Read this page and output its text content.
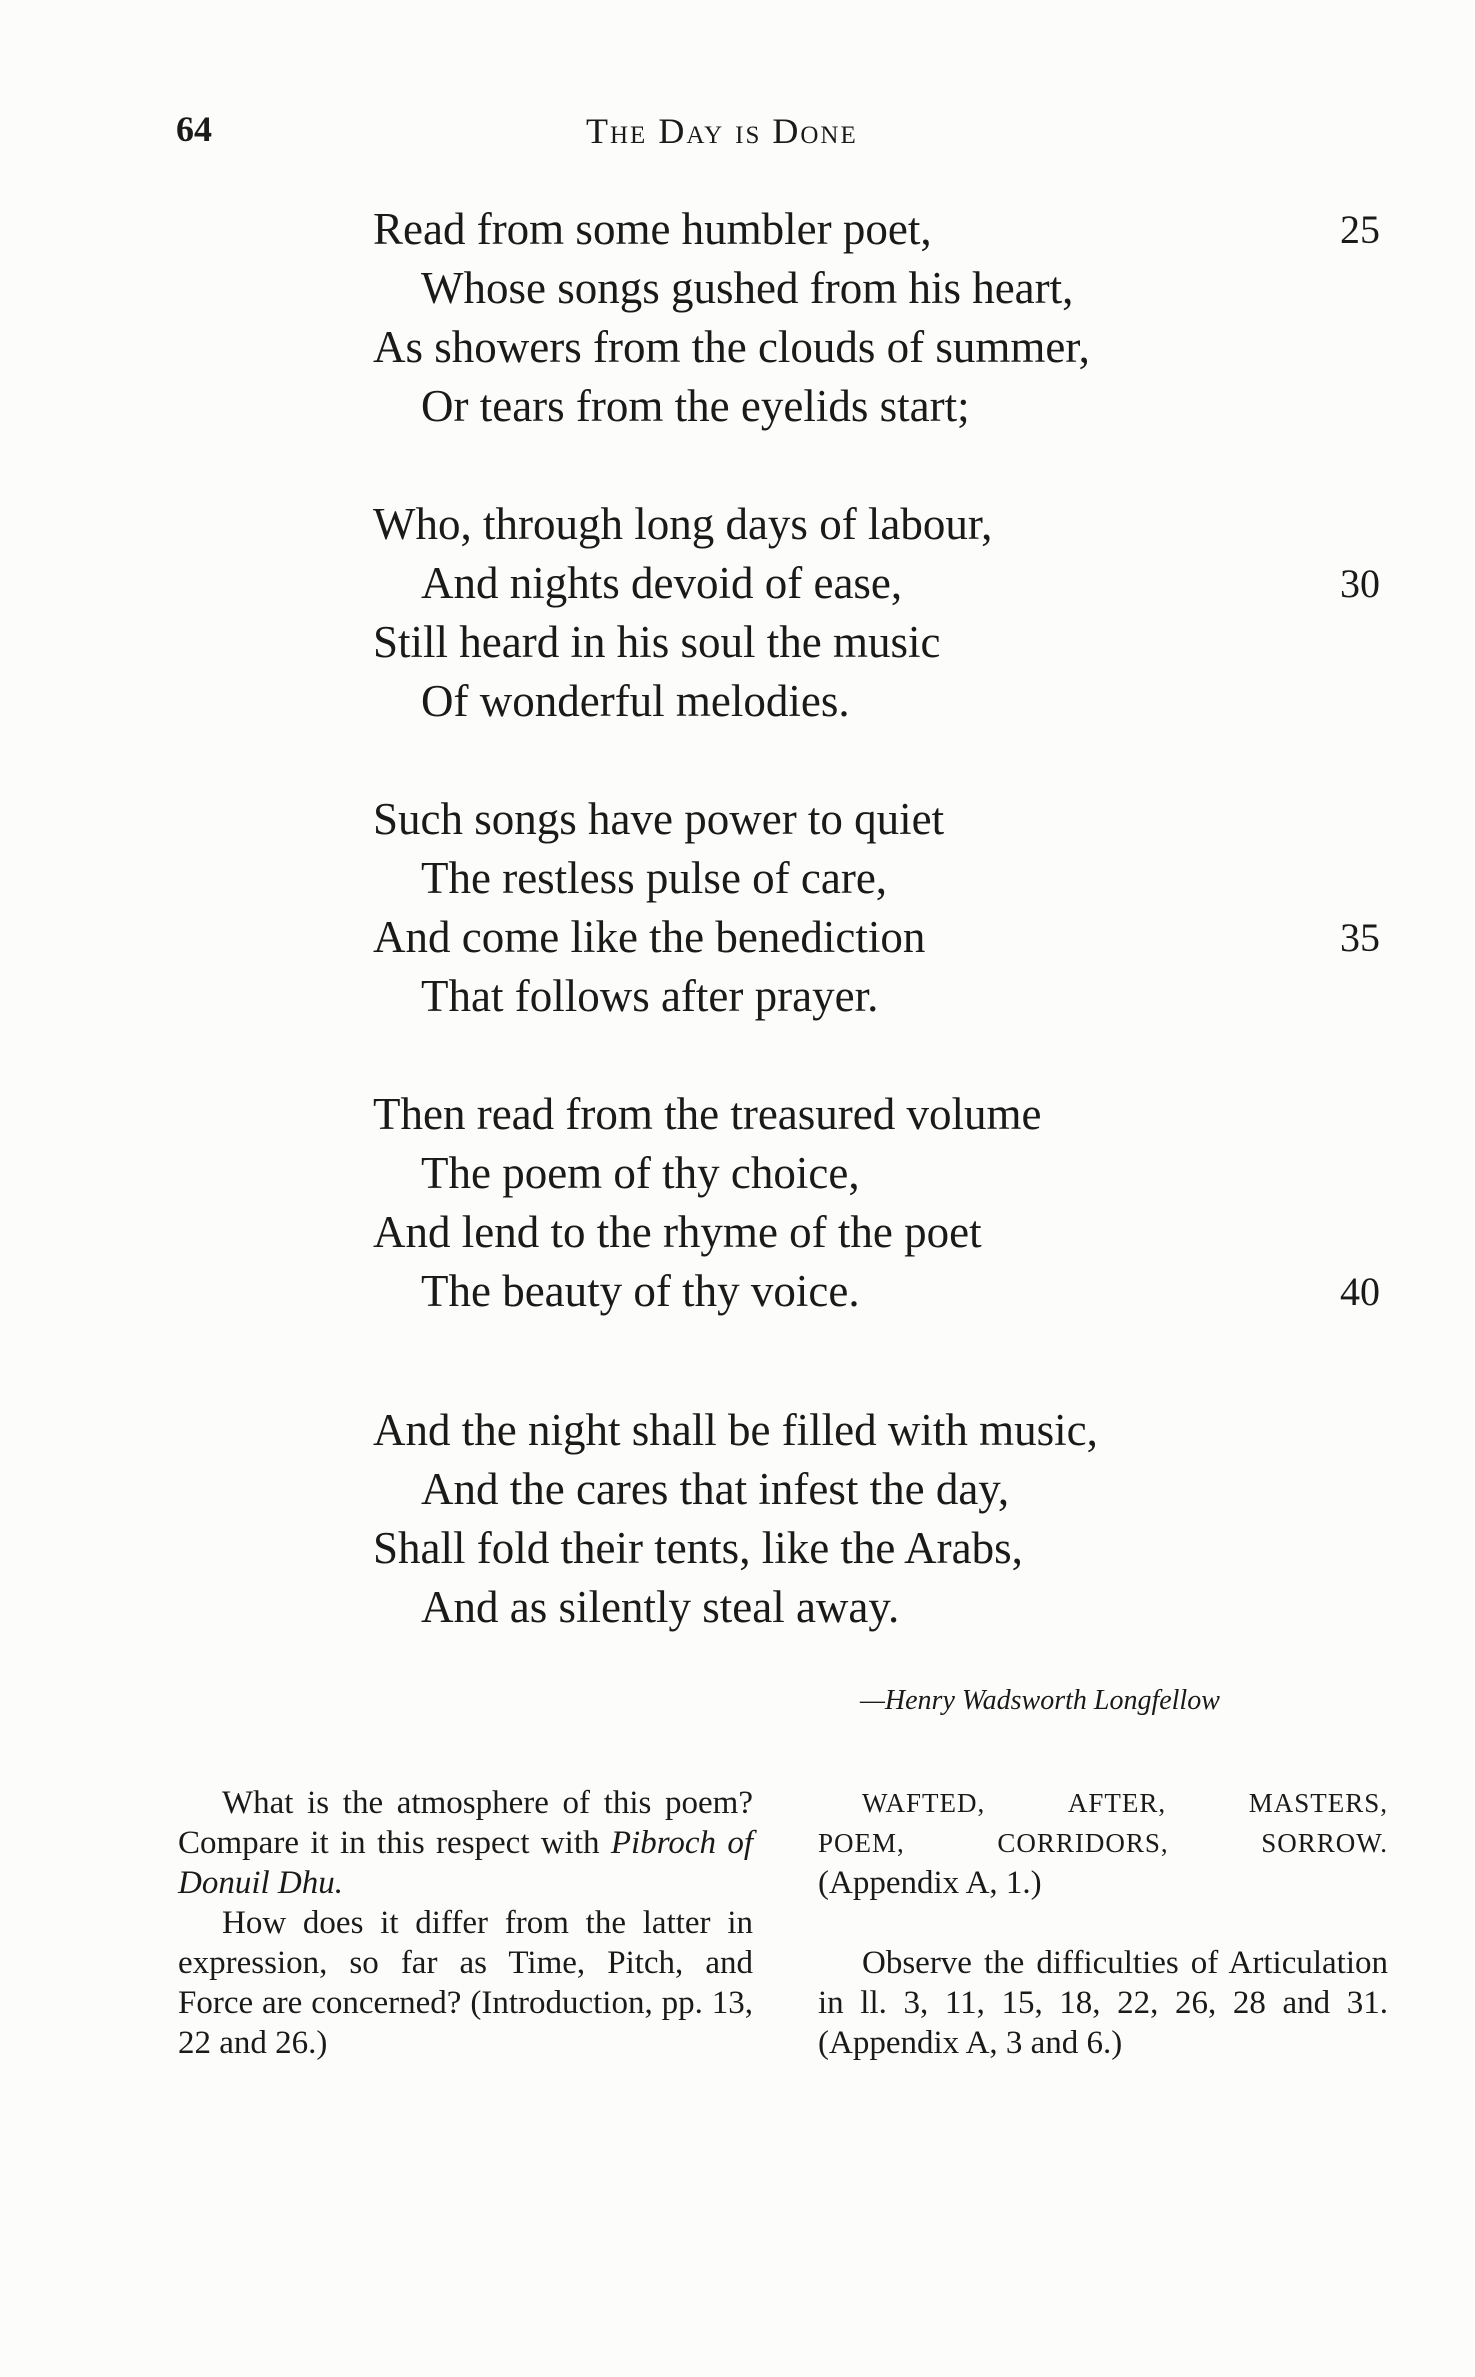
64	The Day is Done
Read from some humbler poet,	25
Whose songs gushed from his heart,
As showers from the clouds of summer,
Or tears from the eyelids start;
Who, through long days of labour,
And nights devoid of ease,	30
Still heard in his soul the music
Of wonderful melodies.
Such songs have power to quiet
The restless pulse of care,
And come like the benediction	35
That follows after prayer.
Then read from the treasured volume
The poem of thy choice,
And lend to the rhyme of the poet
The beauty of thy voice.	40
And the night shall be filled with music,
And the cares that infest the day,
Shall fold their tents, like the Arabs,
And as silently steal away.
—Henry Wadsworth Longfellow

What is the atmosphere of this poem? Compare it in this respect with Pibroch of Donuil Dhu.

How does it differ from the latter in expression, so far as Time, Pitch, and Force are concerned? (Introduction, pp. 13, 22 and 26.)

WAFTED,	AFTER,	MASTERS,
POEM,	CORRIDORS,	SORROW.
(Appendix A, 1.)

Observe the difficulties of Articulation in ll. 3, 11, 15, 18, 22, 26, 28 and 31. (Appendix A, 3 and 6.)
